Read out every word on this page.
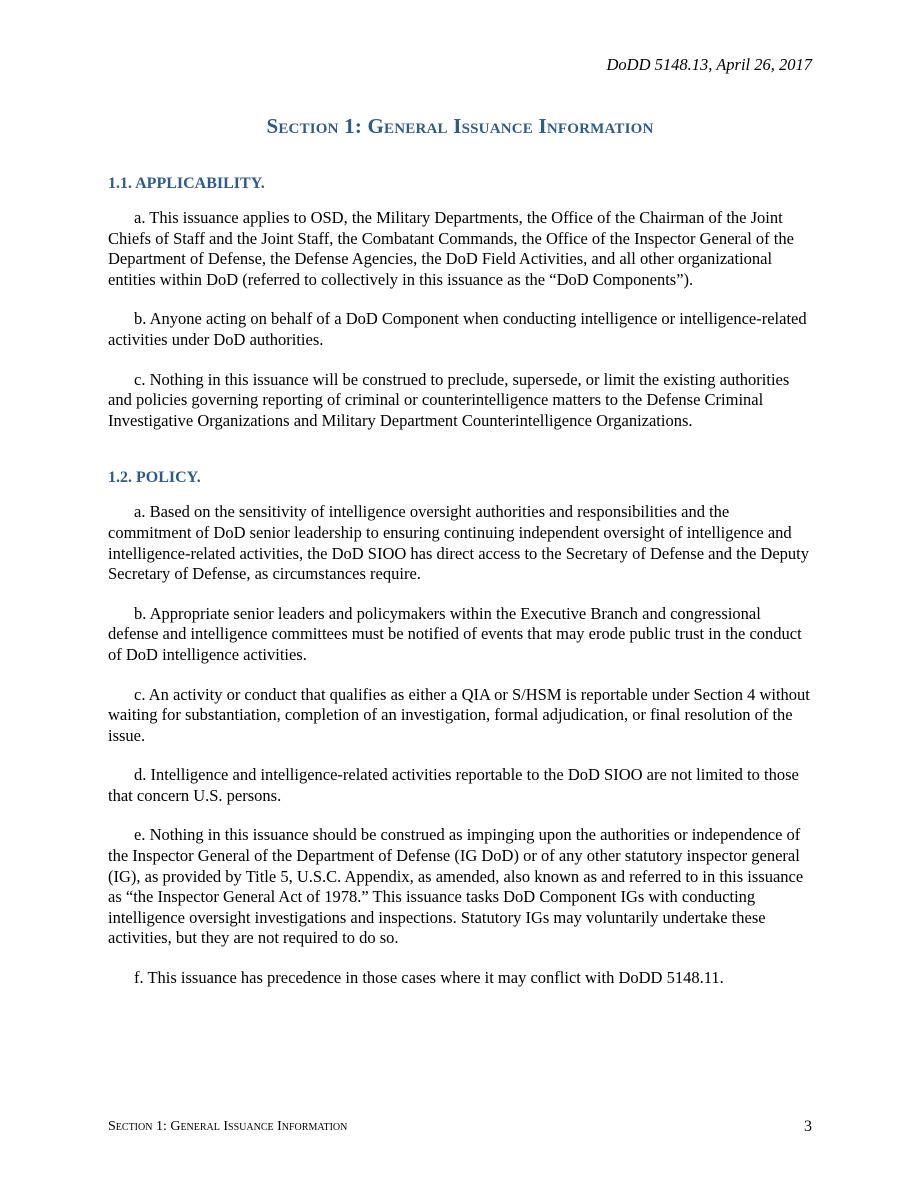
DoDD 5148.13, April 26, 2017
Section 1: General Issuance Information
1.1. APPLICABILITY.

a. This issuance applies to OSD, the Military Departments, the Office of the Chairman of the Joint Chiefs of Staff and the Joint Staff, the Combatant Commands, the Office of the Inspector General of the Department of Defense, the Defense Agencies, the DoD Field Activities, and all other organizational entities within DoD (referred to collectively in this issuance as the “DoD Components”).

b. Anyone acting on behalf of a DoD Component when conducting intelligence or intelligence-related activities under DoD authorities.

c. Nothing in this issuance will be construed to preclude, supersede, or limit the existing authorities and policies governing reporting of criminal or counterintelligence matters to the Defense Criminal Investigative Organizations and Military Department Counterintelligence Organizations.

1.2. POLICY.

a. Based on the sensitivity of intelligence oversight authorities and responsibilities and the commitment of DoD senior leadership to ensuring continuing independent oversight of intelligence and intelligence-related activities, the DoD SIOO has direct access to the Secretary of Defense and the Deputy Secretary of Defense, as circumstances require.

b. Appropriate senior leaders and policymakers within the Executive Branch and congressional defense and intelligence committees must be notified of events that may erode public trust in the conduct of DoD intelligence activities.

c. An activity or conduct that qualifies as either a QIA or S/HSM is reportable under Section 4 without waiting for substantiation, completion of an investigation, formal adjudication, or final resolution of the issue.

d. Intelligence and intelligence-related activities reportable to the DoD SIOO are not limited to those that concern U.S. persons.

e. Nothing in this issuance should be construed as impinging upon the authorities or independence of the Inspector General of the Department of Defense (IG DoD) or of any other statutory inspector general (IG), as provided by Title 5, U.S.C. Appendix, as amended, also known as and referred to in this issuance as “the Inspector General Act of 1978.” This issuance tasks DoD Component IGs with conducting intelligence oversight investigations and inspections. Statutory IGs may voluntarily undertake these activities, but they are not required to do so.

f. This issuance has precedence in those cases where it may conflict with DoDD 5148.11.

Section 1: General Issuance Information	3
